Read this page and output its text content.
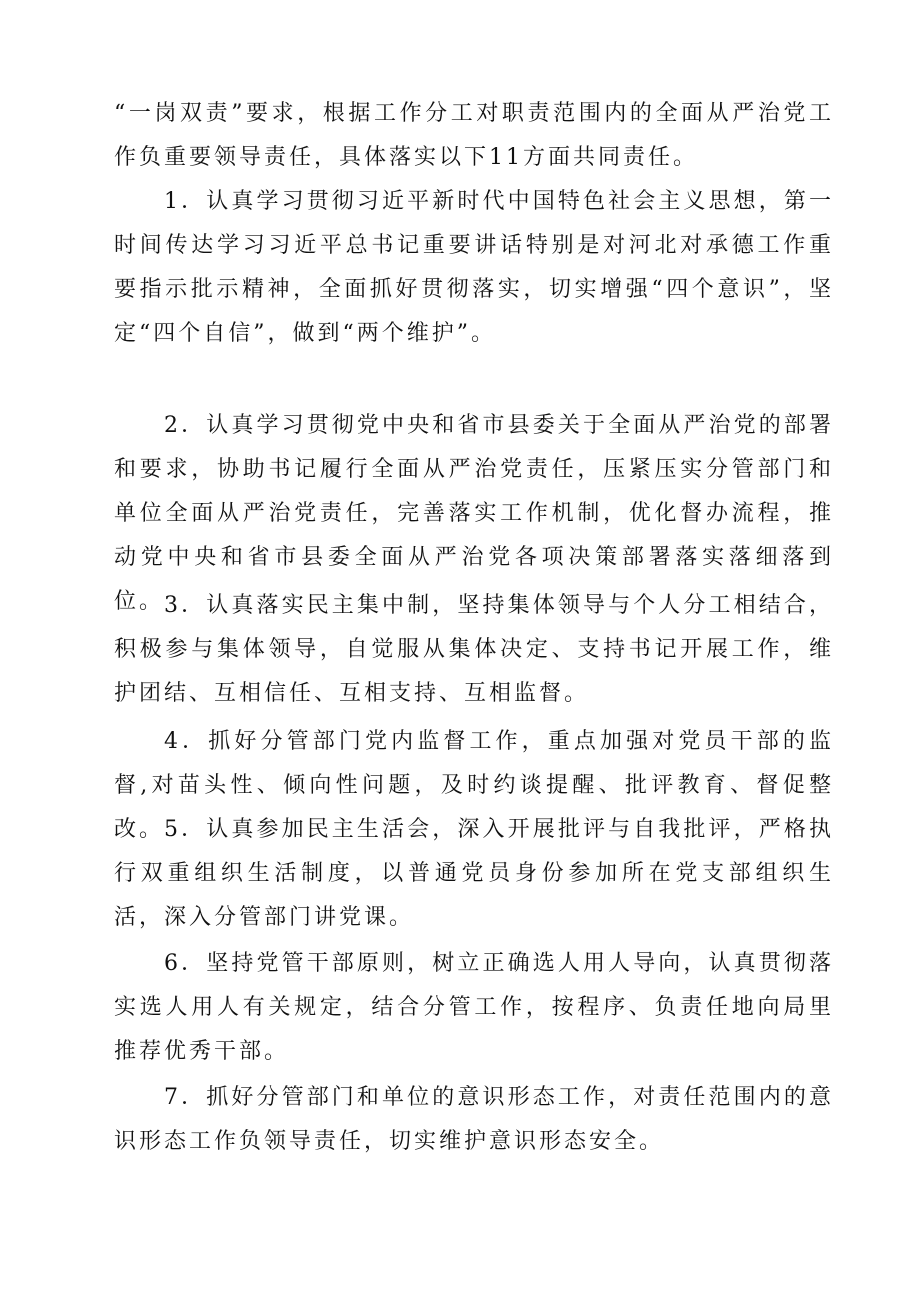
“一岗双责”要求，根据工作分工对职责范围内的全面从严治党工作负重要领导责任，具体落实以下11方面共同责任。

1．认真学习贯彻习近平新时代中国特色社会主义思想，第一时间传达学习习近平总书记重要讲话特别是对河北对承德工作重要指示批示精神，全面抓好贯彻落实，切实增强“四个意识”，坚定“四个自信”，做到“两个维护”。

2．认真学习贯彻党中央和省市县委关于全面从严治党的部署和要求，协助书记履行全面从严治党责任，压紧压实分管部门和单位全面从严治党责任，完善落实工作机制，优化督办流程，推动党中央和省市县委全面从严治党各项决策部署落实落细落到位。 3．认真落实民主集中制，坚持集体领导与个人分工相结合，积极参与集体领导，自觉服从集体决定、支持书记开展工作，维护团结、互相信任、互相支持、互相监督。

4．抓好分管部门党内监督工作，重点加强对党员干部的监督,对苗头性、倾向性问题，及时约谈提醒、批评教育、督促整改。 5．认真参加民主生活会，深入开展批评与自我批评，严格执行双重组织生活制度，以普通党员身份参加所在党支部组织生活，深入分管部门讲党课。

6．坚持党管干部原则，树立正确选人用人导向，认真贯彻落实选人用人有关规定，结合分管工作，按程序、负责任地向局里推荐优秀干部。

7．抓好分管部门和单位的意识形态工作，对责任范围内的意识形态工作负领导责任，切实维护意识形态安全。
